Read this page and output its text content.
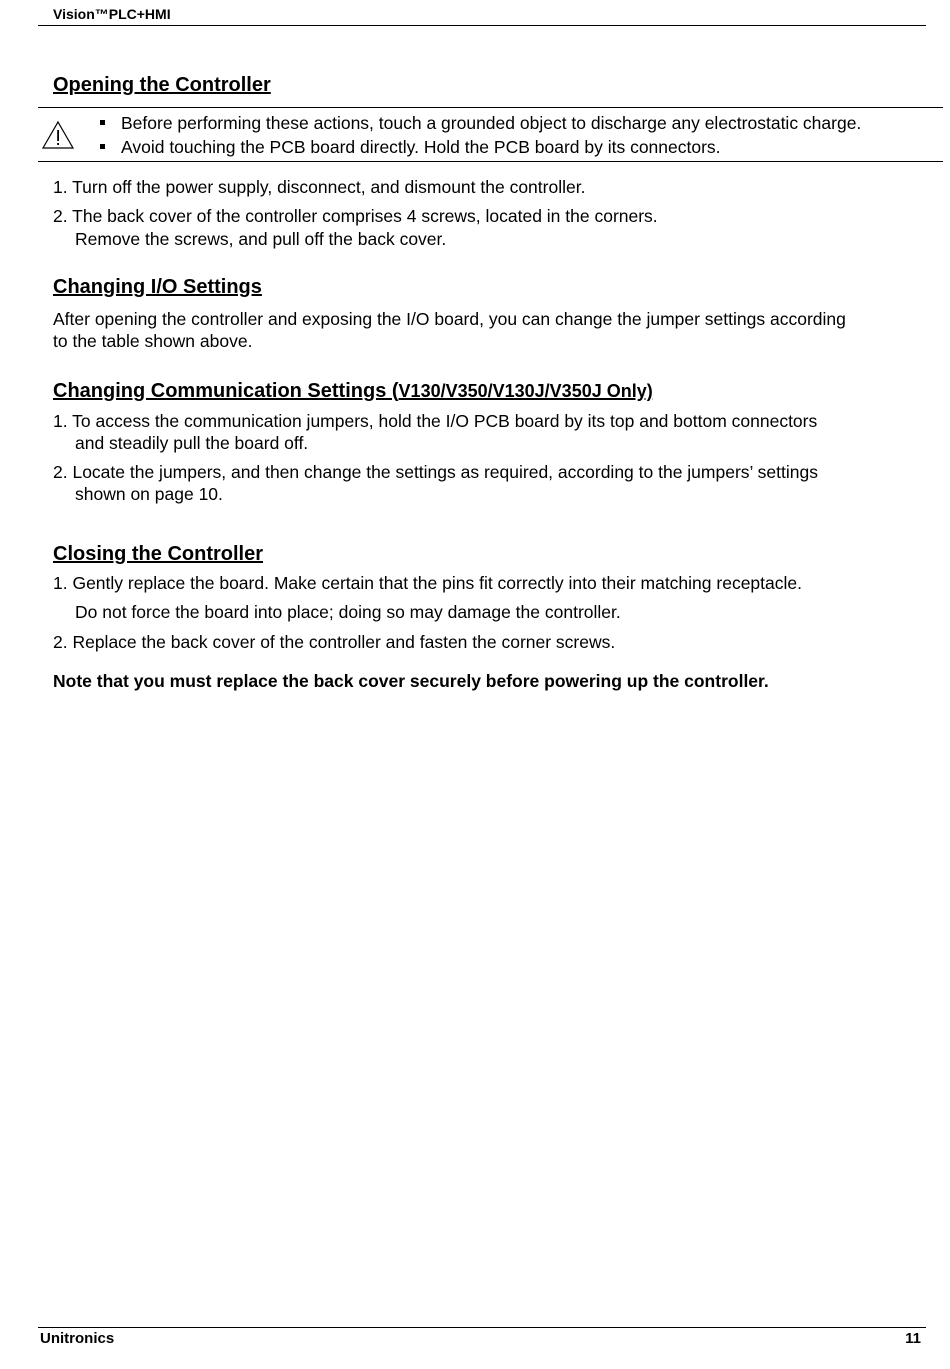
Vision™PLC+HMI
Opening the Controller
Before performing these actions, touch a grounded object to discharge any electrostatic charge.
Avoid touching the PCB board directly. Hold the PCB board by its connectors.

1. Turn off the power supply, disconnect, and dismount the controller.

2. The back cover of the controller comprises 4 screws, located in the corners.

Remove the screws, and pull off the back cover.

Changing I/O Settings

After opening the controller and exposing the I/O board, you can change the jumper settings according

to the table shown above.

Changing Communication Settings (V130/V350/V130J/V350J Only)

1. To access the communication jumpers, hold the I/O PCB board by its top and bottom connectors

and steadily pull the board off.

2. Locate the jumpers, and then change the settings as required, according to the jumpers’ settings

shown on page 10.

Closing the Controller

1. Gently replace the board. Make certain that the pins fit correctly into their matching receptacle.

Do not force the board into place; doing so may damage the controller.

2. Replace the back cover of the controller and fasten the corner screws.

Note that you must replace the back cover securely before powering up the controller.

Unitronics	11
